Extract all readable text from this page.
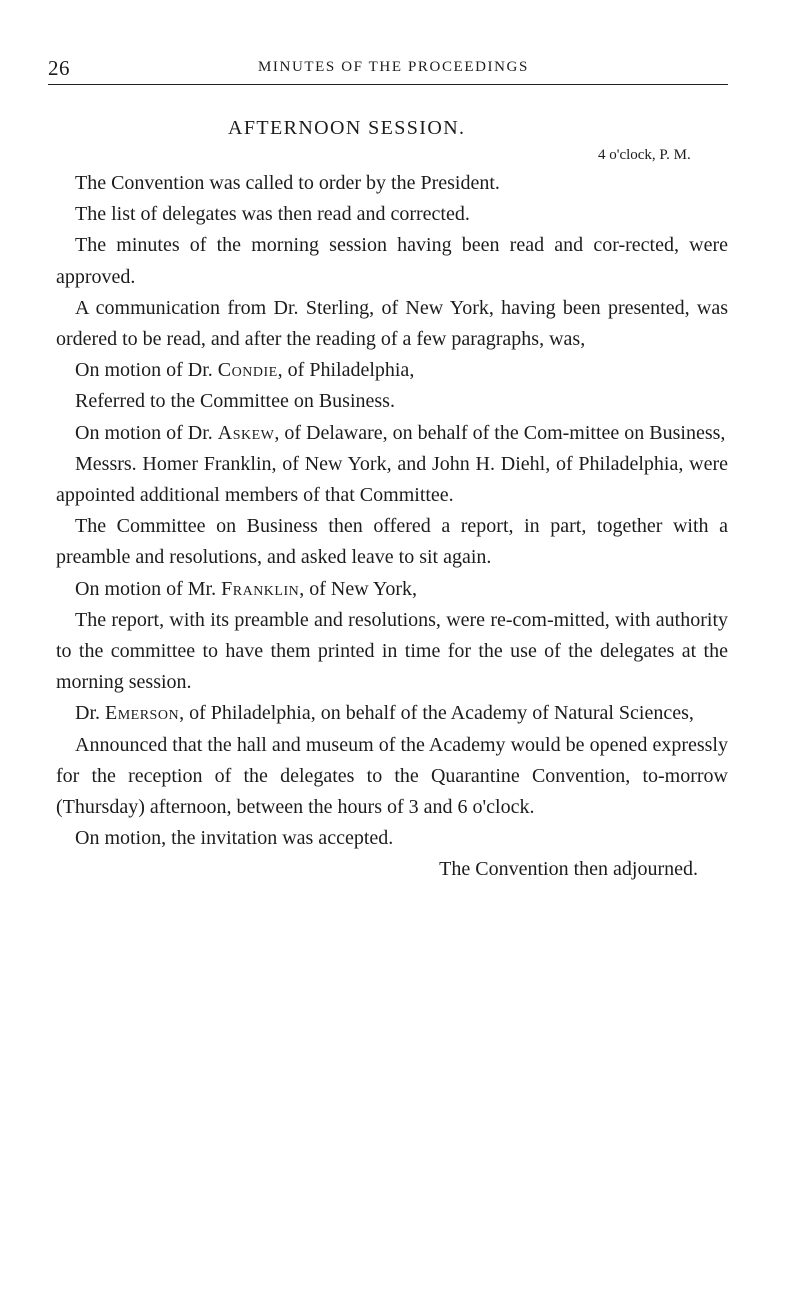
26	MINUTES OF THE PROCEEDINGS
AFTERNOON SESSION.
4 o'clock, P. M.

The Convention was called to order by the President.

The list of delegates was then read and corrected.

The minutes of the morning session having been read and cor-rected, were approved.

A communication from Dr. Sterling, of New York, having been presented, was ordered to be read, and after the reading of a few paragraphs, was,

On motion of Dr. Condie, of Philadelphia,

Referred to the Committee on Business.

On motion of Dr. Askew, of Delaware, on behalf of the Com-mittee on Business,

Messrs. Homer Franklin, of New York, and John H. Diehl, of Philadelphia, were appointed additional members of that Committee.

The Committee on Business then offered a report, in part, together with a preamble and resolutions, and asked leave to sit again.

On motion of Mr. Franklin, of New York,

The report, with its preamble and resolutions, were re-com-mitted, with authority to the committee to have them printed in time for the use of the delegates at the morning session.

Dr. Emerson, of Philadelphia, on behalf of the Academy of Natural Sciences,

Announced that the hall and museum of the Academy would be opened expressly for the reception of the delegates to the Quarantine Convention, to-morrow (Thursday) afternoon, between the hours of 3 and 6 o'clock.

On motion, the invitation was accepted.

The Convention then adjourned.
